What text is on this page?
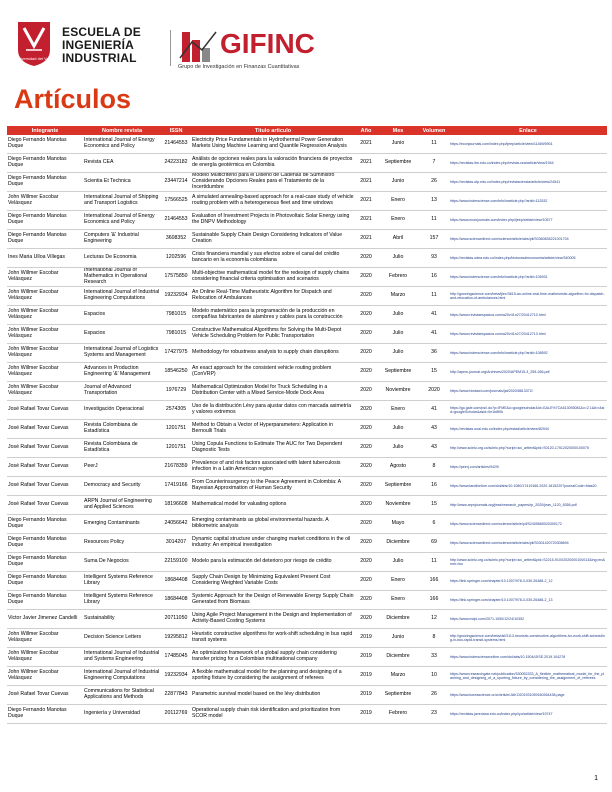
Universidad del Valle
ESCUELA DE
INGENIERÍA
INDUSTRIAL	GIFINC
Grupo de Investigación en Finanzas Cuantitativas
Artículos
Integrante	Nombre revista	ISSN	Titulo articulo	Año	Mes	Volumen	Enlace
Diego Fernando Manotas Duque	International Journal of Energy Economics and Policy	21464553	Electricity Price Fundamentals in Hydrothermal Power Generation Markets Using Machine Learning and Quantile Regression Analysis	2021	Junio	11	https://econjournals.com/index.php/ijeep/article/view/11469/5901
Diego Fernando Manotas Duque	Revista CEA	24223182	Análisis de opciones reales para la valoración financiera de proyectos de energía geotérmica en Colombia	2021	Septiembre	7	https://revistas.itm.edu.co/index.php/revista-cea/article/view/1944
Diego Fernando Manotas Duque	Scientia Et Technica	23447214	Modelo Multicriterio para el Diseño de Cadenas de Suministro Considerando Opciones Reales para el Tratamiento de la Incertidumbre	2021	Junio	26	https://revistas.utp.edu.co/index.php/revistaciencia/article/view/24541
John Willmer Escobar Velásquez	International Journal of Shipping and Transport Logistics	17566525	A simulated annealing-based approach for a real-case study of vehicle routing problem with a heterogeneous fleet and time windows	2021	Enero	13	https://www.inderscience.com/info/inarticle.php?artid=112532
Diego Fernando Manotas Duque	International Journal of Energy Economics and Policy	21464553	Evaluation of Investment Projects in Photovoltaic Solar Energy using the DNPV Methodology	2021	Enero	11	https://www.econjournals.com/index.php/ijeep/article/view/10577
Diego Fernando Manotas Duque	Computers '&' Industrial Engineering	3608352	Sustainable Supply Chain Design Considering Indicators of Value Creation	2021	Abril	157	https://www.sciencedirect.com/science/article/abs/pii/S0360835221001704
Ines Maria Ulloa Villegas	Lecturas De Economia	1202596	Crisis financiera mundial y sus efectos sobre el canal del crédito bancario en la economía colombiana	2020	Julio	93	https://revistas.udea.edu.co/index.php/lecturasdeeconomia/article/view/340005
John Willmer Escobar Velásquez	International Journal of Mathematics in Operational Research	17575850	Multi-objective mathematical model for the redesign of supply chains considering financial criteria optimisation and scenarios	2020	Febrero	16	https://www.inderscience.com/info/inarticle.php?artid=105931
John Willmer Escobar Velásquez	International Journal of Industrial Engineering Computations	19232934	An Online Real-Time Matheuristic Algorithm for Dispatch and Relocation of Ambulances	2020	Marzo	11	http://growingscience.com/beta/ijiec/3615-an-online-real-time-matheuristic-algorithm-for-dispatch-and-relocation-of-ambulances.html
John Willmer Escobar Velásquez	Espacios	7981015	Modelo matemático para la programación de la producción en compañías fabricantes de alambres y cables para la construcción	2020	Julio	41	https://www.revistaespacios.com/a20v41n27/20412710.html
John Willmer Escobar Velásquez	Espacios	7981015	Constructive Mathematical Algorithms for Solving the Multi-Depot Vehicle Scheduling Problem for Public Transportation	2020	Julio	41	https://www.revistaespacios.com/a20v41n27/20412713.html
John Willmer Escobar Velásquez	International Journal of Logistics Systems and Management	17427975	Methodology for robustness analysis to supply chain disruptions	2020	Julio	36	https://www.inderscience.com/info/inarticle.php?artid=108592
John Willmer Escobar Velásquez	Advances in Production Engineering '&' Management	18546250	An exact approach for the consistent vehicle routing problem (ConVRP)	2020	Septiembre	15	http://apem-journal.org/Archives/2020/APEM15-3_255-266.pdf
John Willmer Escobar Velásquez	Journal of Advanced Transportation	1976729	Mathematical Optimization Model for Truck Scheduling in a Distribution Center with a Mixed Service-Mode Dock Area	2020	Noviembre	2020	https://www.hindawi.com/journals/jat/2020/8813372/
José Rafael Tovar Cuevas	Investigación Operacional	2574305	Uso de la distribución Lévy para ajustar datos con marcada asimetría y valores extremos	2020	Enero	41	https://go.gale.com/ps/i.do?p=IFME&u=googlescholar&id=GALE%7CA613093081&v=2.1&it=r&sid=googleScholar&asid=0e1b8f0b
José Rafael Tovar Cuevas	Revista Colombiana de Estadística	1201751	Method to Obtain a Vector of Hyperparameters: Application in Bernoulli Trials	2020	Julio	43	https://revistas.unal.edu.co/index.php/estad/article/view/82944
José Rafael Tovar Cuevas	Revista Colombiana de Estadística	1201751	Using Copula Functions to Estimate The AUC for Two Dependent Diagnostic Tests	2020	Julio	43	http://www.scielo.org.co/scielo.php?script=sci_arttext&pid=S0120-17512020000100075
José Rafael Tovar Cuevas	PeerJ	21678359	Prevalence of and risk factors associated with latent tuberculosis infection in a Latin American region	2020	Agosto	8	https://peerj.com/articles/9429/
José Rafael Tovar Cuevas	Democracy and Security	17419166	From Counterinsurgency to the Peace Agreement in Colombia: A Bayesian Approximation of Human Security	2020	Septiembre	16	https://www.tandfonline.com/doi/abs/10.1080/17419166.2020.1815220?journalCode=fdas20
José Rafael Tovar Cuevas	ARPN Journal of Engineering and Applied Sciences	18196608	Mathematical model for valuating options	2020	Noviembre	15	http://www.arpnjournals.org/jeas/research_papers/rp_2020/jeas_1120_8356.pdf
Diego Fernando Manotas Duque	Emerging Contaminants	24056642	Emerging contaminants as global environmental hazards. A bibliometric analysis	2020	Mayo	6	https://www.sciencedirect.com/science/article/pii/S2405665020300172
Diego Fernando Manotas Duque	Resources Policy	3014207	Dynamic capital structure under changing market conditions in the oil industry: An empirical investigation	2020	Diciembre	69	https://www.sciencedirect.com/science/article/abs/pii/S0301420720308694
Diego Fernando Manotas Duque	Suma De Negocios	22159100	Modelo para la estimación del deterioro por riesgo de crédito	2020	Julio	11	http://www.scielo.org.co/scielo.php?script=sci_arttext&pid=S2215-910X2020000100013&lng=en&nrm=iso
Diego Fernando Manotas Duque	Intelligent Systems Reference Library	18684408	Supply Chain Design by Minimizing Equivalent Present Cost Considering Weighted Variable Costs	2020	Enero	166	https://link.springer.com/chapter/10.1007/978-3-030-26488-2_12
Diego Fernando Manotas Duque	Intelligent Systems Reference Library	18684408	Systemic Approach for the Design of Renewable Energy Supply Chain Generated from Biomass	2020	Enero	166	https://link.springer.com/chapter/10.1007/978-3-030-26488-2_13
Victor Javier Jimenez Candelli	Sustainability	20711050	Using Agile Project Management in the Design and Implementation of Activity-Based Costing Systems	2020	Diciembre	12	https://www.mdpi.com/2071-1050/12/24/10352
John Willmer Escobar Velásquez	Decision Science Letters	19295812	Heuristic constructive algorithms for work-shift scheduling in bus rapid transit systems	2019	Junio	8	http://growingscience.com/beta/dsl/3113-heuristic-constructive-algorithms-for-work-shift-scheduling-in-bus-rapid-transit-systems.html
John Willmer Escobar Velásquez	International Journal of Industrial and Systems Engineering	17485045	An optimization framework of a global supply chain considering transfer pricing for a Colombian multinational company	2019	Diciembre	33	https://www.inderscienceonline.com/doi/abs/10.1504/IJISE.2019.104278
John Willmer Escobar Velásquez	International Journal of Industrial Engineering Computations	19232934	A flexible mathematical model for the planning and designing of a sporting fixture by considering the assignment of referees	2019	Marzo	10	https://www.researchgate.net/publication/330052333_A_flexible_mathematical_model_for_the_planning_and_designing_of_a_sporting_fixture_by_considering_the_assignment_of_referees
José Rafael Tovar Cuevas	Communications for Statistical Applications and Methods	22877843	Parametric survival model based on the lévy distribution	2019	Septiembre	26	https://www.koreascience.or.kr/article/JAKO201931059160264438.page
Diego Fernando Manotas Duque	Ingeniería y Universidad	20112769	Operational supply chain risk identification and prioritization from SCOR model	2019	Febrero	23	https://revistas.javeriana.edu.co/index.php/iyu/article/view/19747
1
